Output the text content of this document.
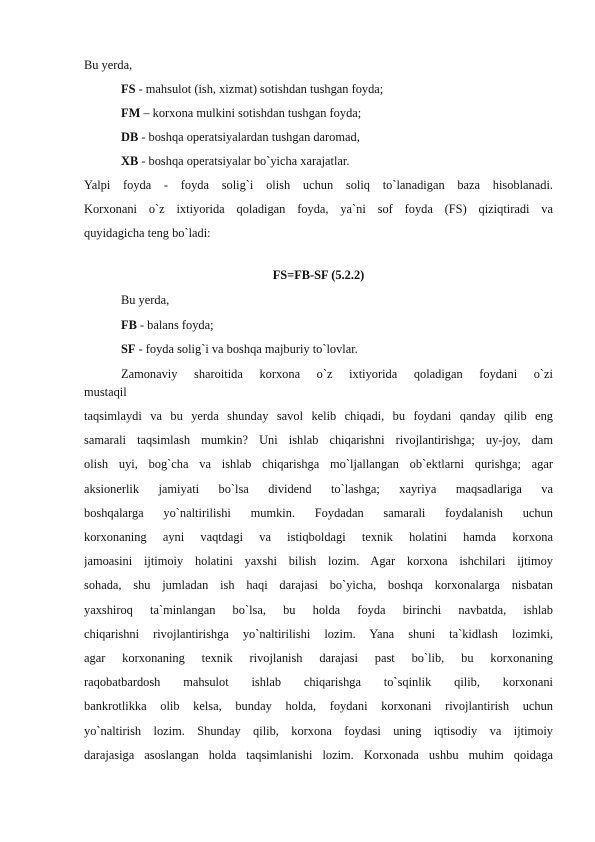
Bu yerda,
FS - mahsulot (ish, xizmat) sotishdan tushgan foyda;
FM – korxona mulkini sotishdan tushgan foyda;
DB - boshqa operatsiyalardan tushgan daromad,
XB - boshqa operatsiyalar bo`yicha xarajatlar.
Yalpi foyda - foyda solig`i olish uchun soliq to`lanadigan baza hisoblanadi.
Korxonani o`z ixtiyorida qoladigan foyda, ya`ni sof foyda (FS) qiziqtiradi va
quyidagicha teng bo`ladi:
FS=FB-SF (5.2.2)
Bu yerda,
FB - balans foyda;
SF - foyda solig`i va boshqa majburiy to`lovlar.
Zamonaviy sharoitida korxona o`z ixtiyorida qoladigan foydani o`zi
mustaqil
taqsimlaydi va bu yerda shunday savol kelib chiqadi, bu foydani qanday qilib eng
samarali taqsimlash mumkin? Uni ishlab chiqarishni rivojlantirishga; uy-joy, dam
olish uyi, bog`cha va ishlab chiqarishga mo`ljallangan ob`ektlarni qurishga; agar
aksionerlik jamiyati bo`lsa dividend to`lashga; xayriya maqsadlariga va
boshqalarga yo`naltirilishi mumkin. Foydadan samarali foydalanish uchun
korxonaning ayni vaqtdagi va istiqboldagi texnik holatini hamda korxona
jamoasini ijtimoiy holatini yaxshi bilish lozim. Agar korxona ishchilari ijtimoy
sohada, shu jumladan ish haqi darajasi bo`yicha, boshqa korxonalarga nisbatan
yaxshiroq ta`minlangan bo`lsa, bu holda foyda birinchi navbatda, ishlab
chiqarishni rivojlantirishga yo`naltirilishi lozim. Yana shuni ta`kidlash lozimki,
agar korxonaning texnik rivojlanish darajasi past bo`lib, bu korxonaning
raqobatbardosh mahsulot ishlab chiqarishga to`sqinlik qilib, korxonani
bankrotlikka olib kelsa, bunday holda, foydani korxonani rivojlantirish uchun
yo`naltirish lozim. Shunday qilib, korxona foydasi uning iqtisodiy va ijtimoiy
darajasiga asoslangan holda taqsimlanishi lozim. Korxonada ushbu muhim qoidaga
